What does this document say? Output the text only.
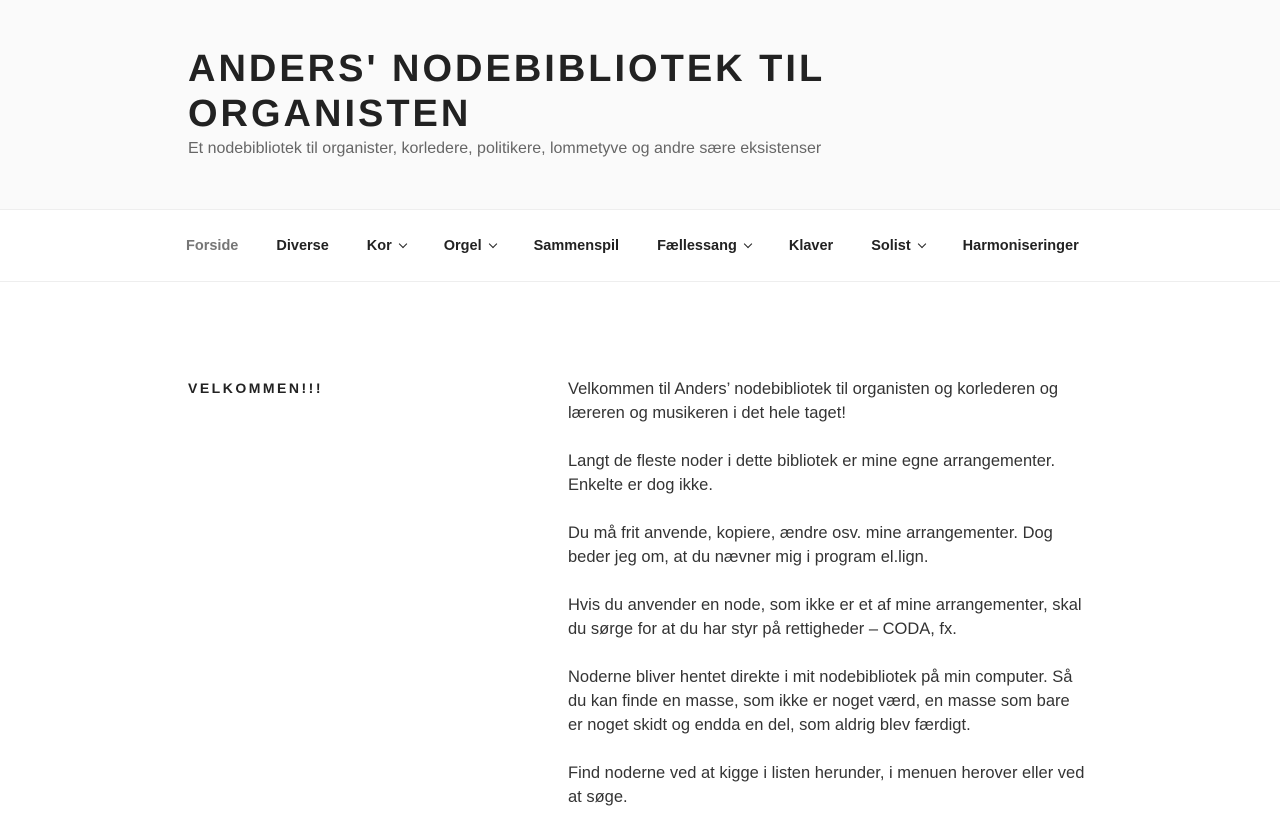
ANDERS' NODEBIBLIOTEK TIL ORGANISTEN

Et nodebibliotek til organister, korledere, politikere, lommetyve og andre sære eksistenser

Forside	Diverse	Kor	Orgel	Sammenspil	Fællessang	Klaver	Solist	Harmoniseringer
VELKOMMEN!!!	Velkommen til Anders’ nodebibliotek til organisten og korlederen og læreren og musikeren i det hele taget!

Langt de fleste noder i dette bibliotek er mine egne arrangementer. Enkelte er dog ikke.

Du må frit anvende, kopiere, ændre osv. mine arrangementer. Dog beder jeg om, at du nævner mig i program el.lign.

Hvis du anvender en node, som ikke er et af mine arrangementer, skal du sørge for at du har styr på rettigheder – CODA, fx.

Noderne bliver hentet direkte i mit nodebibliotek på min computer. Så du kan finde en masse, som ikke er noget værd, en masse som bare er noget skidt og endda en del, som aldrig blev færdigt.

Find noderne ved at kigge i listen herunder, i menuen herover eller ved at søge.
